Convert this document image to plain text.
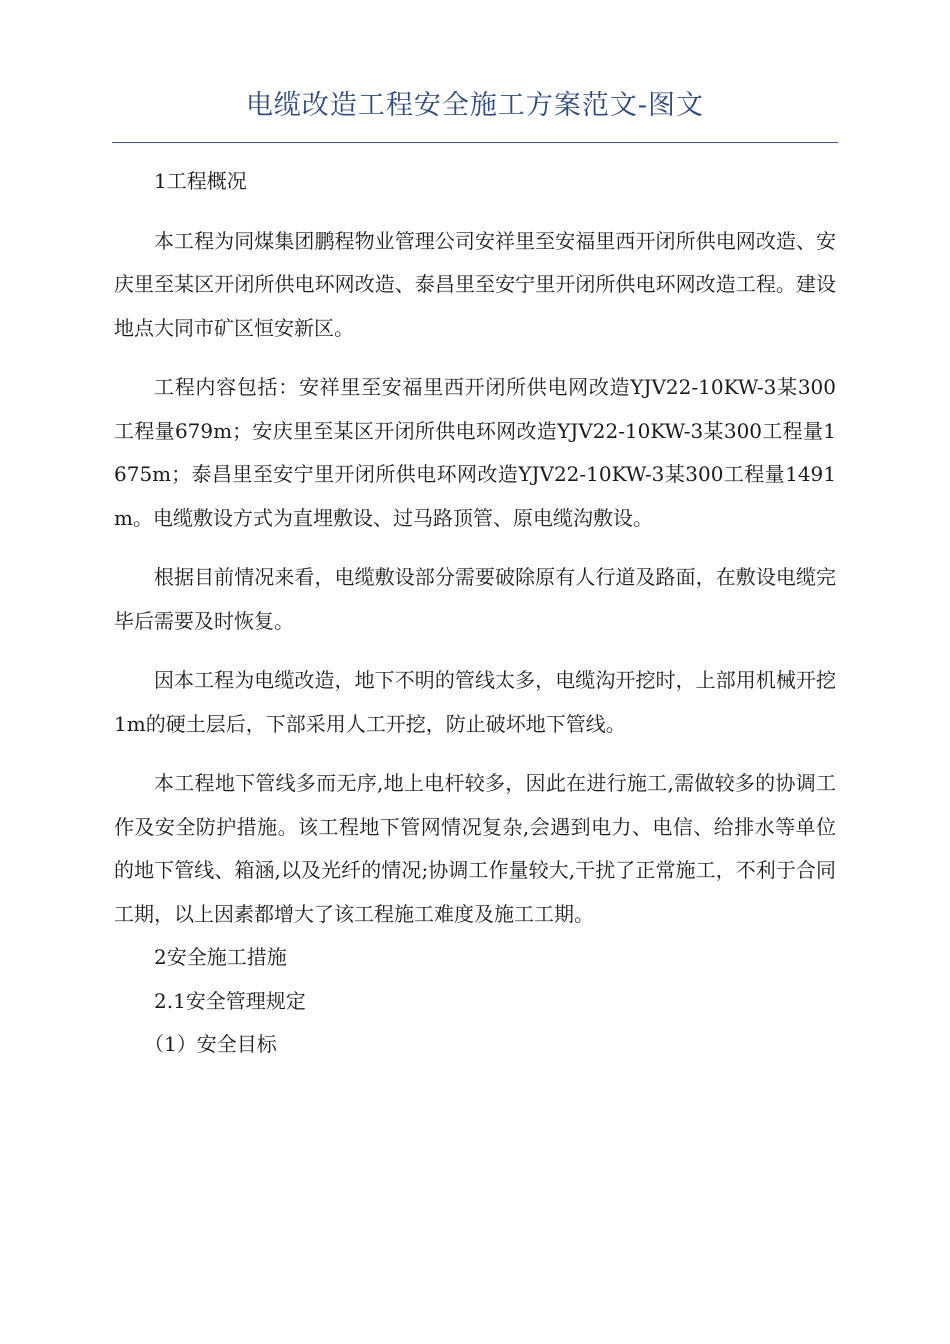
电缆改造工程安全施工方案范文-图文

1工程概况

本工程为同煤集团鹏程物业管理公司安祥里至安福里西开闭所供电网改造、安庆里至某区开闭所供电环网改造、泰昌里至安宁里开闭所供电环网改造工程。建设地点大同市矿区恒安新区。

工程内容包括：安祥里至安福里西开闭所供电网改造YJV22-10KW-3某300工程量679m；安庆里至某区开闭所供电环网改造YJV22-10KW-3某300工程量1675m；泰昌里至安宁里开闭所供电环网改造YJV22-10KW-3某300工程量1491m。电缆敷设方式为直埋敷设、过马路顶管、原电缆沟敷设。

根据目前情况来看，电缆敷设部分需要破除原有人行道及路面，在敷设电缆完毕后需要及时恢复。

因本工程为电缆改造，地下不明的管线太多，电缆沟开挖时，上部用机械开挖1m的硬土层后，下部采用人工开挖，防止破坏地下管线。

本工程地下管线多而无序,地上电杆较多，因此在进行施工,需做较多的协调工作及安全防护措施。该工程地下管网情况复杂,会遇到电力、电信、给排水等单位的地下管线、箱涵,以及光纤的情况;协调工作量较大,干扰了正常施工，不利于合同工期，以上因素都增大了该工程施工难度及施工工期。

2安全施工措施

2.1安全管理规定

（1）安全目标
